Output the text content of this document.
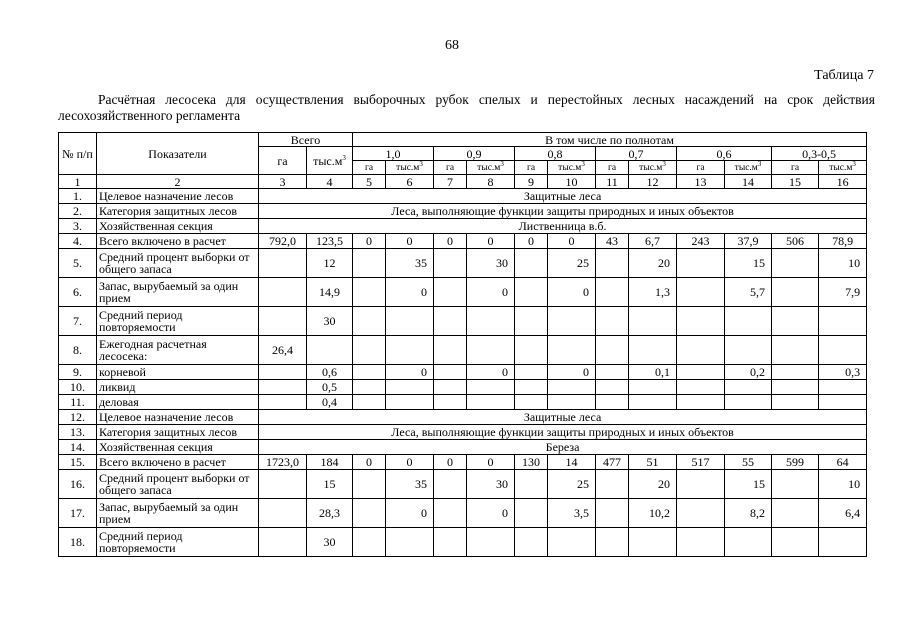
68
Таблица 7
Расчётная лесосека для осуществления выборочных рубок спелых и перестойных лесных насаждений на срок действия лесохозяйственного регламента
№ п/п	Показатели	Всего		В том числе по полнотам											
		га	$тыс.м^3$	1,0		0,9		0,8		0,7		0,6		0,3-0,5	
				га	$тыс.м^3$	га	$тыс.м^3$	га	$тыс.м^3$	га	$тыс.м^3$	га	$тыс.м^3$	га	$тыс.м^3$
1	2	3	4	5	6	7	8	9	10	11	12	13	14	15	16
1.	Целевое назначение лесов	Защитные леса													
2.	Категория защитных лесов	Леса, выполняющие функции защиты природных и иных объектов													
3.	Хозяйственная секция	Лиственница в.б.													
4.	Всего включено в расчет	792,0	123,5	0	0	0	0	0	0	43	6,7	243	37,9	506	78,9
5.	Средний процент выборки от общего запаса		12		35		30		25		20		15		10
6.	Запас, вырубаемый за один прием		14,9		0		0		0		1,3		5,7		7,9
7.	Средний период повторяемости		30												
8.	Ежегодная расчетная лесосека:	26,4													
9.	корневой		0,6		0		0		0		0,1		0,2		0,3
10.	ликвид		0,5												
11.	деловая		0,4												
12.	Целевое назначение лесов	Защитные леса													
13.	Категория защитных лесов	Леса, выполняющие функции защиты природных и иных объектов													
14.	Хозяйственная секция	Береза													
15.	Всего включено в расчет	1723,0	184	0	0	0	0	130	14	477	51	517	55	599	64
16.	Средний процент выборки от общего запаса		15		35		30		25		20		15		10
17.	Запас, вырубаемый за один прием		28,3		0		0		3,5		10,2		8,2		6,4
18.	Средний период повторяемости		30												
